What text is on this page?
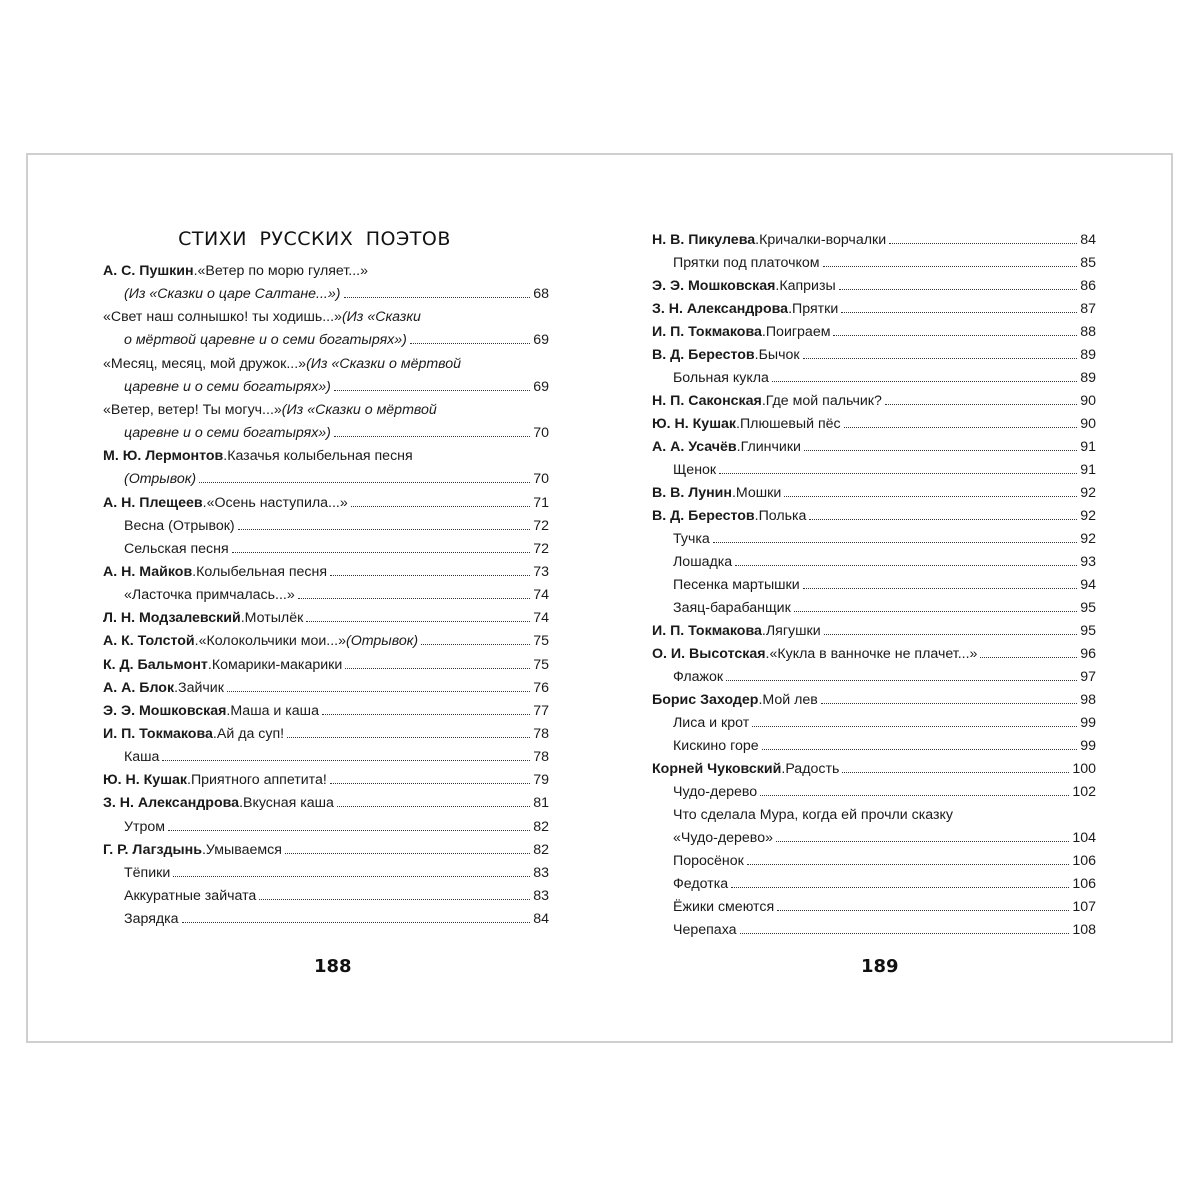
СТИХИ РУССКИХ ПОЭТОВ
А. С. Пушкин . «Ветер по морю гуляет...»
(Из «Сказки о царе Салтане...»)	68
«Свет наш солнышко! ты ходишь...» (Из «Сказки
о мёртвой царевне и о семи богатырях»)	69
«Месяц, месяц, мой дружок...» (Из «Сказки о мёртвой
царевне и о семи богатырях»)	69
«Ветер, ветер! Ты могуч...» (Из «Сказки о мёртвой
царевне и о семи богатырях»)	70
М. Ю. Лермонтов . Казачья колыбельная песня
(Отрывок)	70
А. Н. Плещеев . «Осень наступила...»	71
Весна (Отрывок)	72
Сельская песня	72
А. Н. Майков . Колыбельная песня	73
«Ласточка примчалась...»	74
Л. Н. Модзалевский . Мотылёк	74
А. К. Толстой . «Колокольчики мои...» (Отрывок)	75
К. Д. Бальмонт . Комарики-макарики	75
А. А. Блок . Зайчик	76
Э. Э. Мошковская . Маша и каша	77
И. П. Токмакова . Ай да суп!	78
Каша	78
Ю. Н. Кушак . Приятного аппетита!	79
З. Н. Александрова . Вкусная каша	81
Утром	82
Г. Р. Лагздынь . Умываемся	82
Тёпики	83
Аккуратные зайчата	83
Зарядка	84
188
Н. В. Пикулева . Кричалки-ворчалки	84
Прятки под платочком	85
Э. Э. Мошковская . Капризы	86
З. Н. Александрова . Прятки	87
И. П. Токмакова . Поиграем	88
В. Д. Берестов . Бычок	89
Больная кукла	89
Н. П. Саконская . Где мой пальчик?	90
Ю. Н. Кушак . Плюшевый пёс	90
А. А. Усачёв . Глинчики	91
Щенок	91
В. В. Лунин . Мошки	92
В. Д. Берестов . Полька	92
Тучка	92
Лошадка	93
Песенка мартышки	94
Заяц-барабанщик	95
И. П. Токмакова . Лягушки	95
О. И. Высотская . «Кукла в ванночке не плачет...»	96
Флажок	97
Борис Заходер . Мой лев	98
Лиса и крот	99
Кискино горе	99
Корней Чуковский . Радость	100
Чудо-дерево	102
Что сделала Мура, когда ей прочли сказку
«Чудо-дерево»	104
Поросёнок	106
Федотка	106
Ёжики смеются	107
Черепаха	108
189
